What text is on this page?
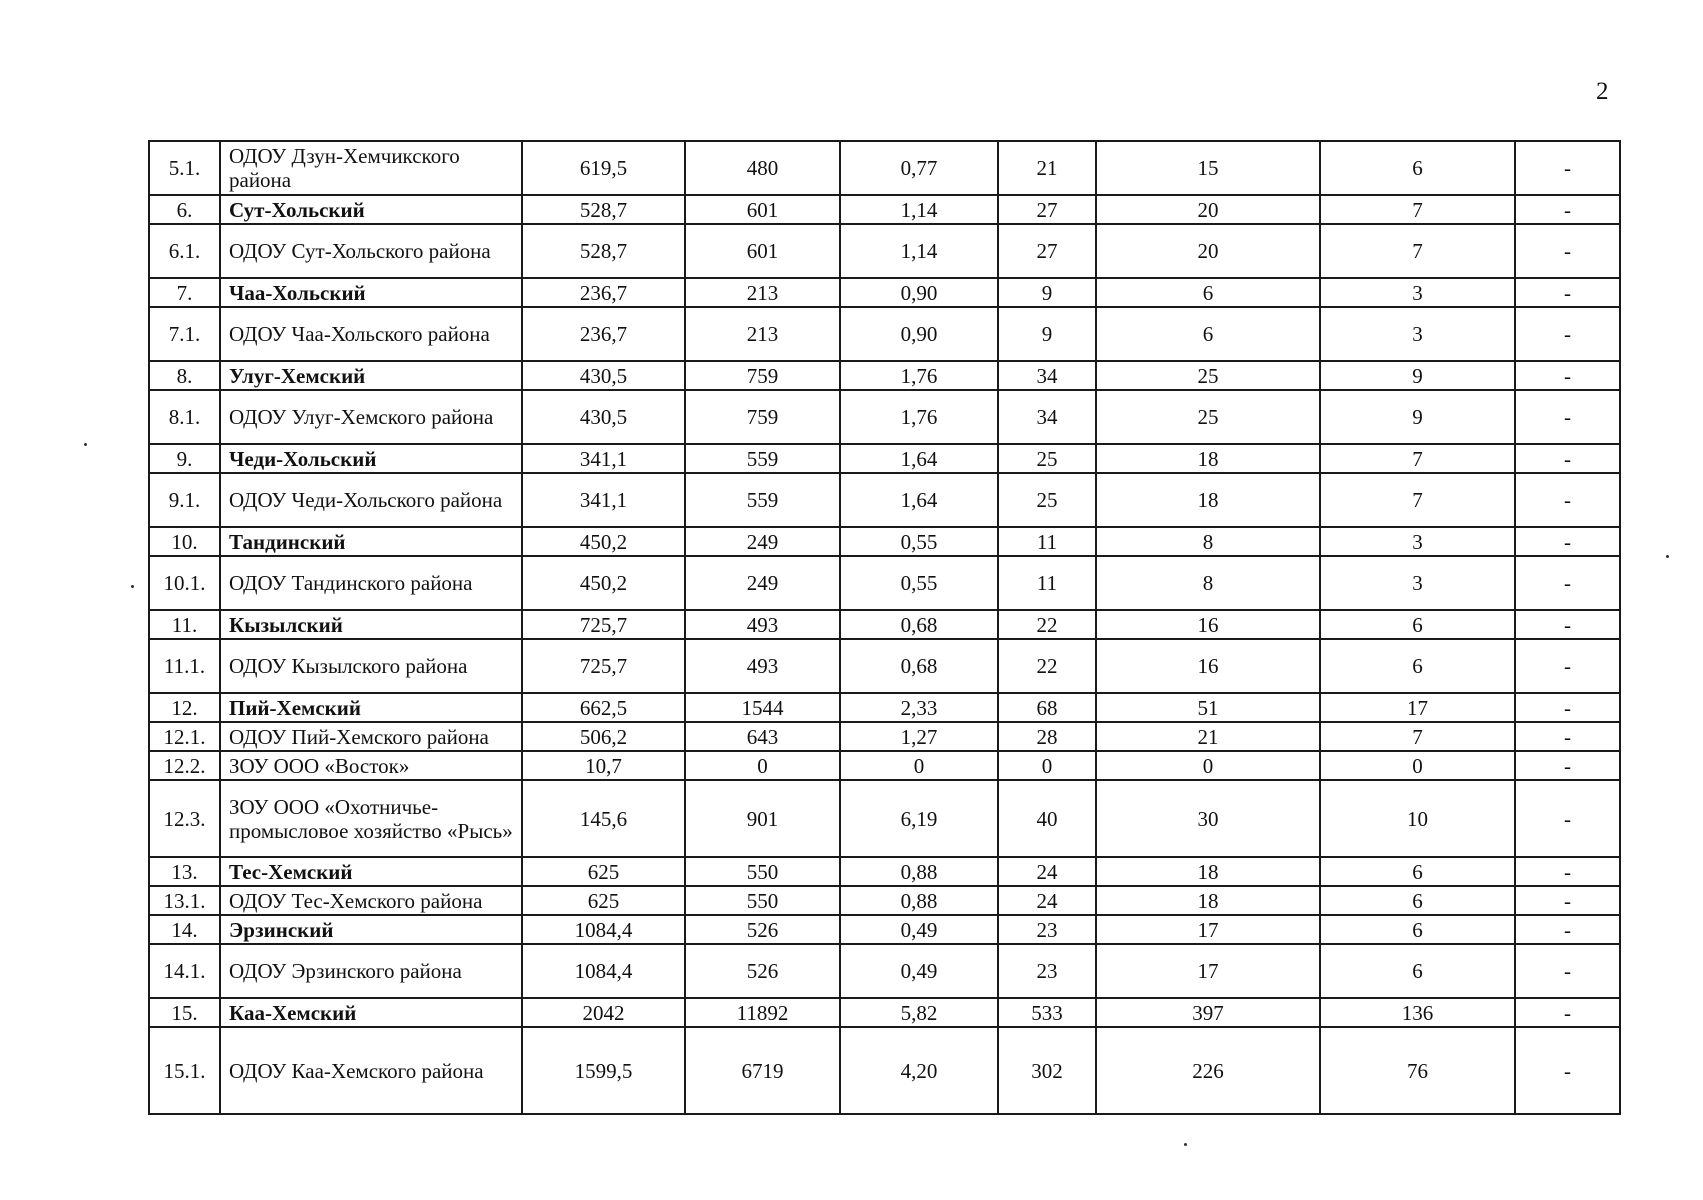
2
5.1.	ОДОУ Дзун-Хемчикского района	619,5	480	0,77	21	15	6	-
6.	Сут-Хольский	528,7	601	1,14	27	20	7	-
6.1.	ОДОУ Сут-Хольского района	528,7	601	1,14	27	20	7	-
7.	Чаа-Хольский	236,7	213	0,90	9	6	3	-
7.1.	ОДОУ Чаа-Хольского района	236,7	213	0,90	9	6	3	-
8.	Улуг-Хемский	430,5	759	1,76	34	25	9	-
8.1.	ОДОУ Улуг-Хемского района	430,5	759	1,76	34	25	9	-
9.	Чеди-Хольский	341,1	559	1,64	25	18	7	-
9.1.	ОДОУ Чеди-Хольского района	341,1	559	1,64	25	18	7	-
10.	Тандинский	450,2	249	0,55	11	8	3	-
10.1.	ОДОУ Тандинского района	450,2	249	0,55	11	8	3	-
11.	Кызылский	725,7	493	0,68	22	16	6	-
11.1.	ОДОУ Кызылского района	725,7	493	0,68	22	16	6	-
12.	Пий-Хемский	662,5	1544	2,33	68	51	17	-
12.1.	ОДОУ Пий-Хемского района	506,2	643	1,27	28	21	7	-
12.2.	ЗОУ ООО «Восток»	10,7	0	0	0	0	0	-
12.3.	ЗОУ ООО «Охотничье-промысловое хозяйство «Рысь»	145,6	901	6,19	40	30	10	-
13.	Тес-Хемский	625	550	0,88	24	18	6	-
13.1.	ОДОУ Тес-Хемского района	625	550	0,88	24	18	6	-
14.	Эрзинский	1084,4	526	0,49	23	17	6	-
14.1.	ОДОУ Эрзинского района	1084,4	526	0,49	23	17	6	-
15.	Каа-Хемский	2042	11892	5,82	533	397	136	-
15.1.	ОДОУ Каа-Хемского района	1599,5	6719	4,20	302	226	76	-
